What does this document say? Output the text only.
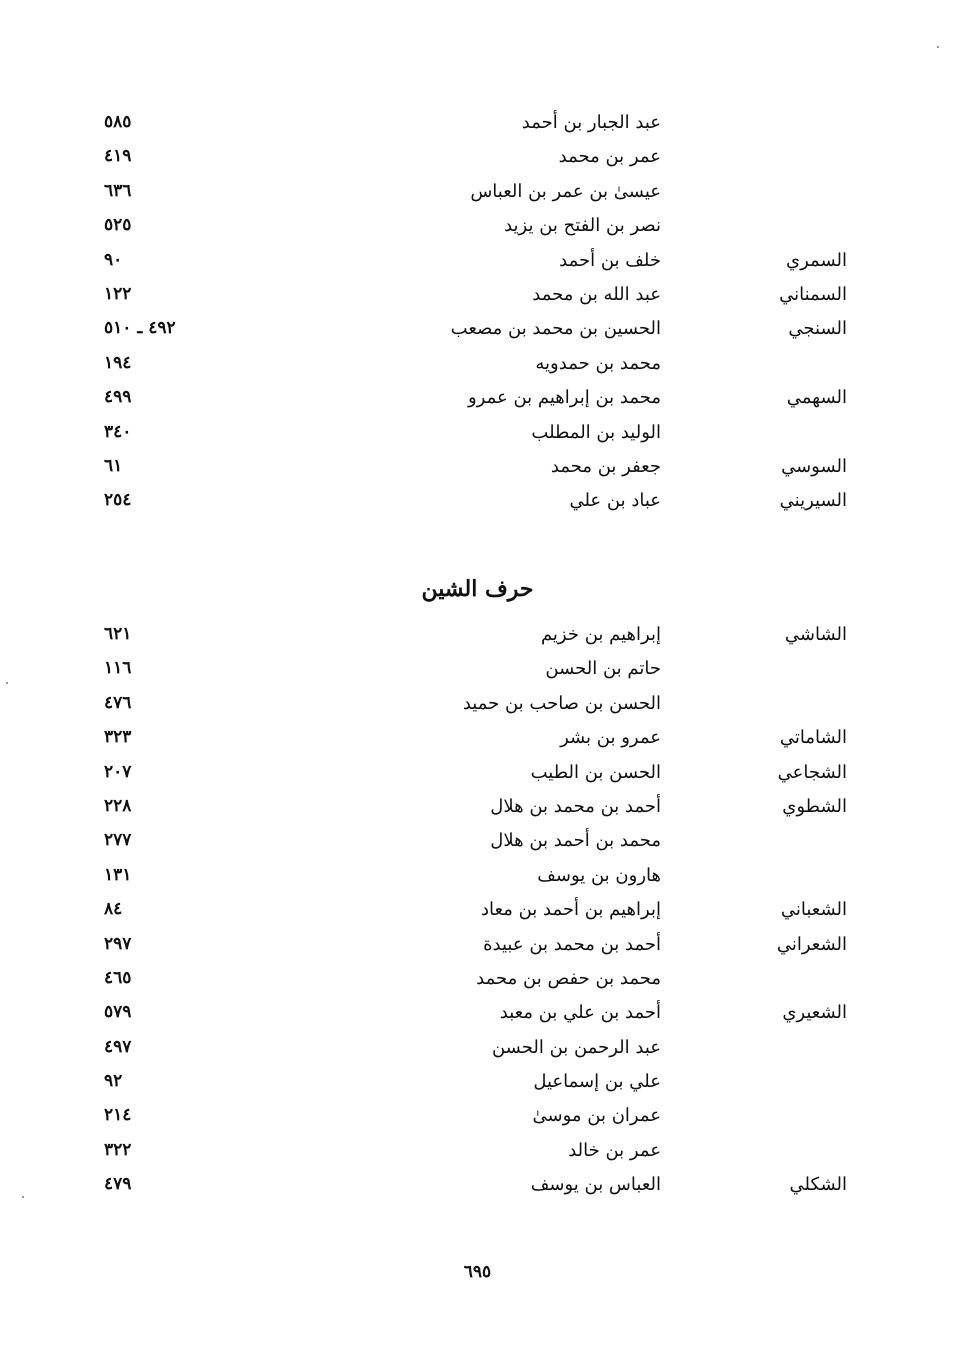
عبد الجبار بن أحمد
٥٨٥
عمر بن محمد
٤١٩
عيسىٰ بن عمر بن العباس
٦٣٦
نصر بن الفتح بن يزيد
٥٢٥
السمري
خلف بن أحمد
٩٠
السمناني
عبد الله بن محمد
١٢٢
السنجي
الحسين بن محمد بن مصعب
٤٩٢ ـ ٥١٠
محمد بن حمدويه
١٩٤
السهمي
محمد بن إبراهيم بن عمرو
٤٩٩
الوليد بن المطلب
٣٤٠
السوسي
جعفر بن محمد
٦١
السيريني
عباد بن علي
٢٥٤
حرف الشين
الشاشي
إبراهيم بن خزيم
٦٢١
حاتم بن الحسن
١١٦
الحسن بن صاحب بن حميد
٤٧٦
الشاماتي
عمرو بن بشر
٣٢٣
الشجاعي
الحسن بن الطيب
٢٠٧
الشطوي
أحمد بن محمد بن هلال
٢٢٨
محمد بن أحمد بن هلال
٢٧٧
هارون بن يوسف
١٣١
الشعباني
إبراهيم بن أحمد بن معاد
٨٤
الشعراني
أحمد بن محمد بن عبيدة
٢٩٧
محمد بن حفص بن محمد
٤٦٥
الشعيري
أحمد بن علي بن معبد
٥٧٩
عبد الرحمن بن الحسن
٤٩٧
علي بن إسماعيل
٩٢
عمران بن موسىٰ
٢١٤
عمر بن خالد
٣٢٢
الشكلي
العباس بن يوسف
٤٧٩
٦٩٥
